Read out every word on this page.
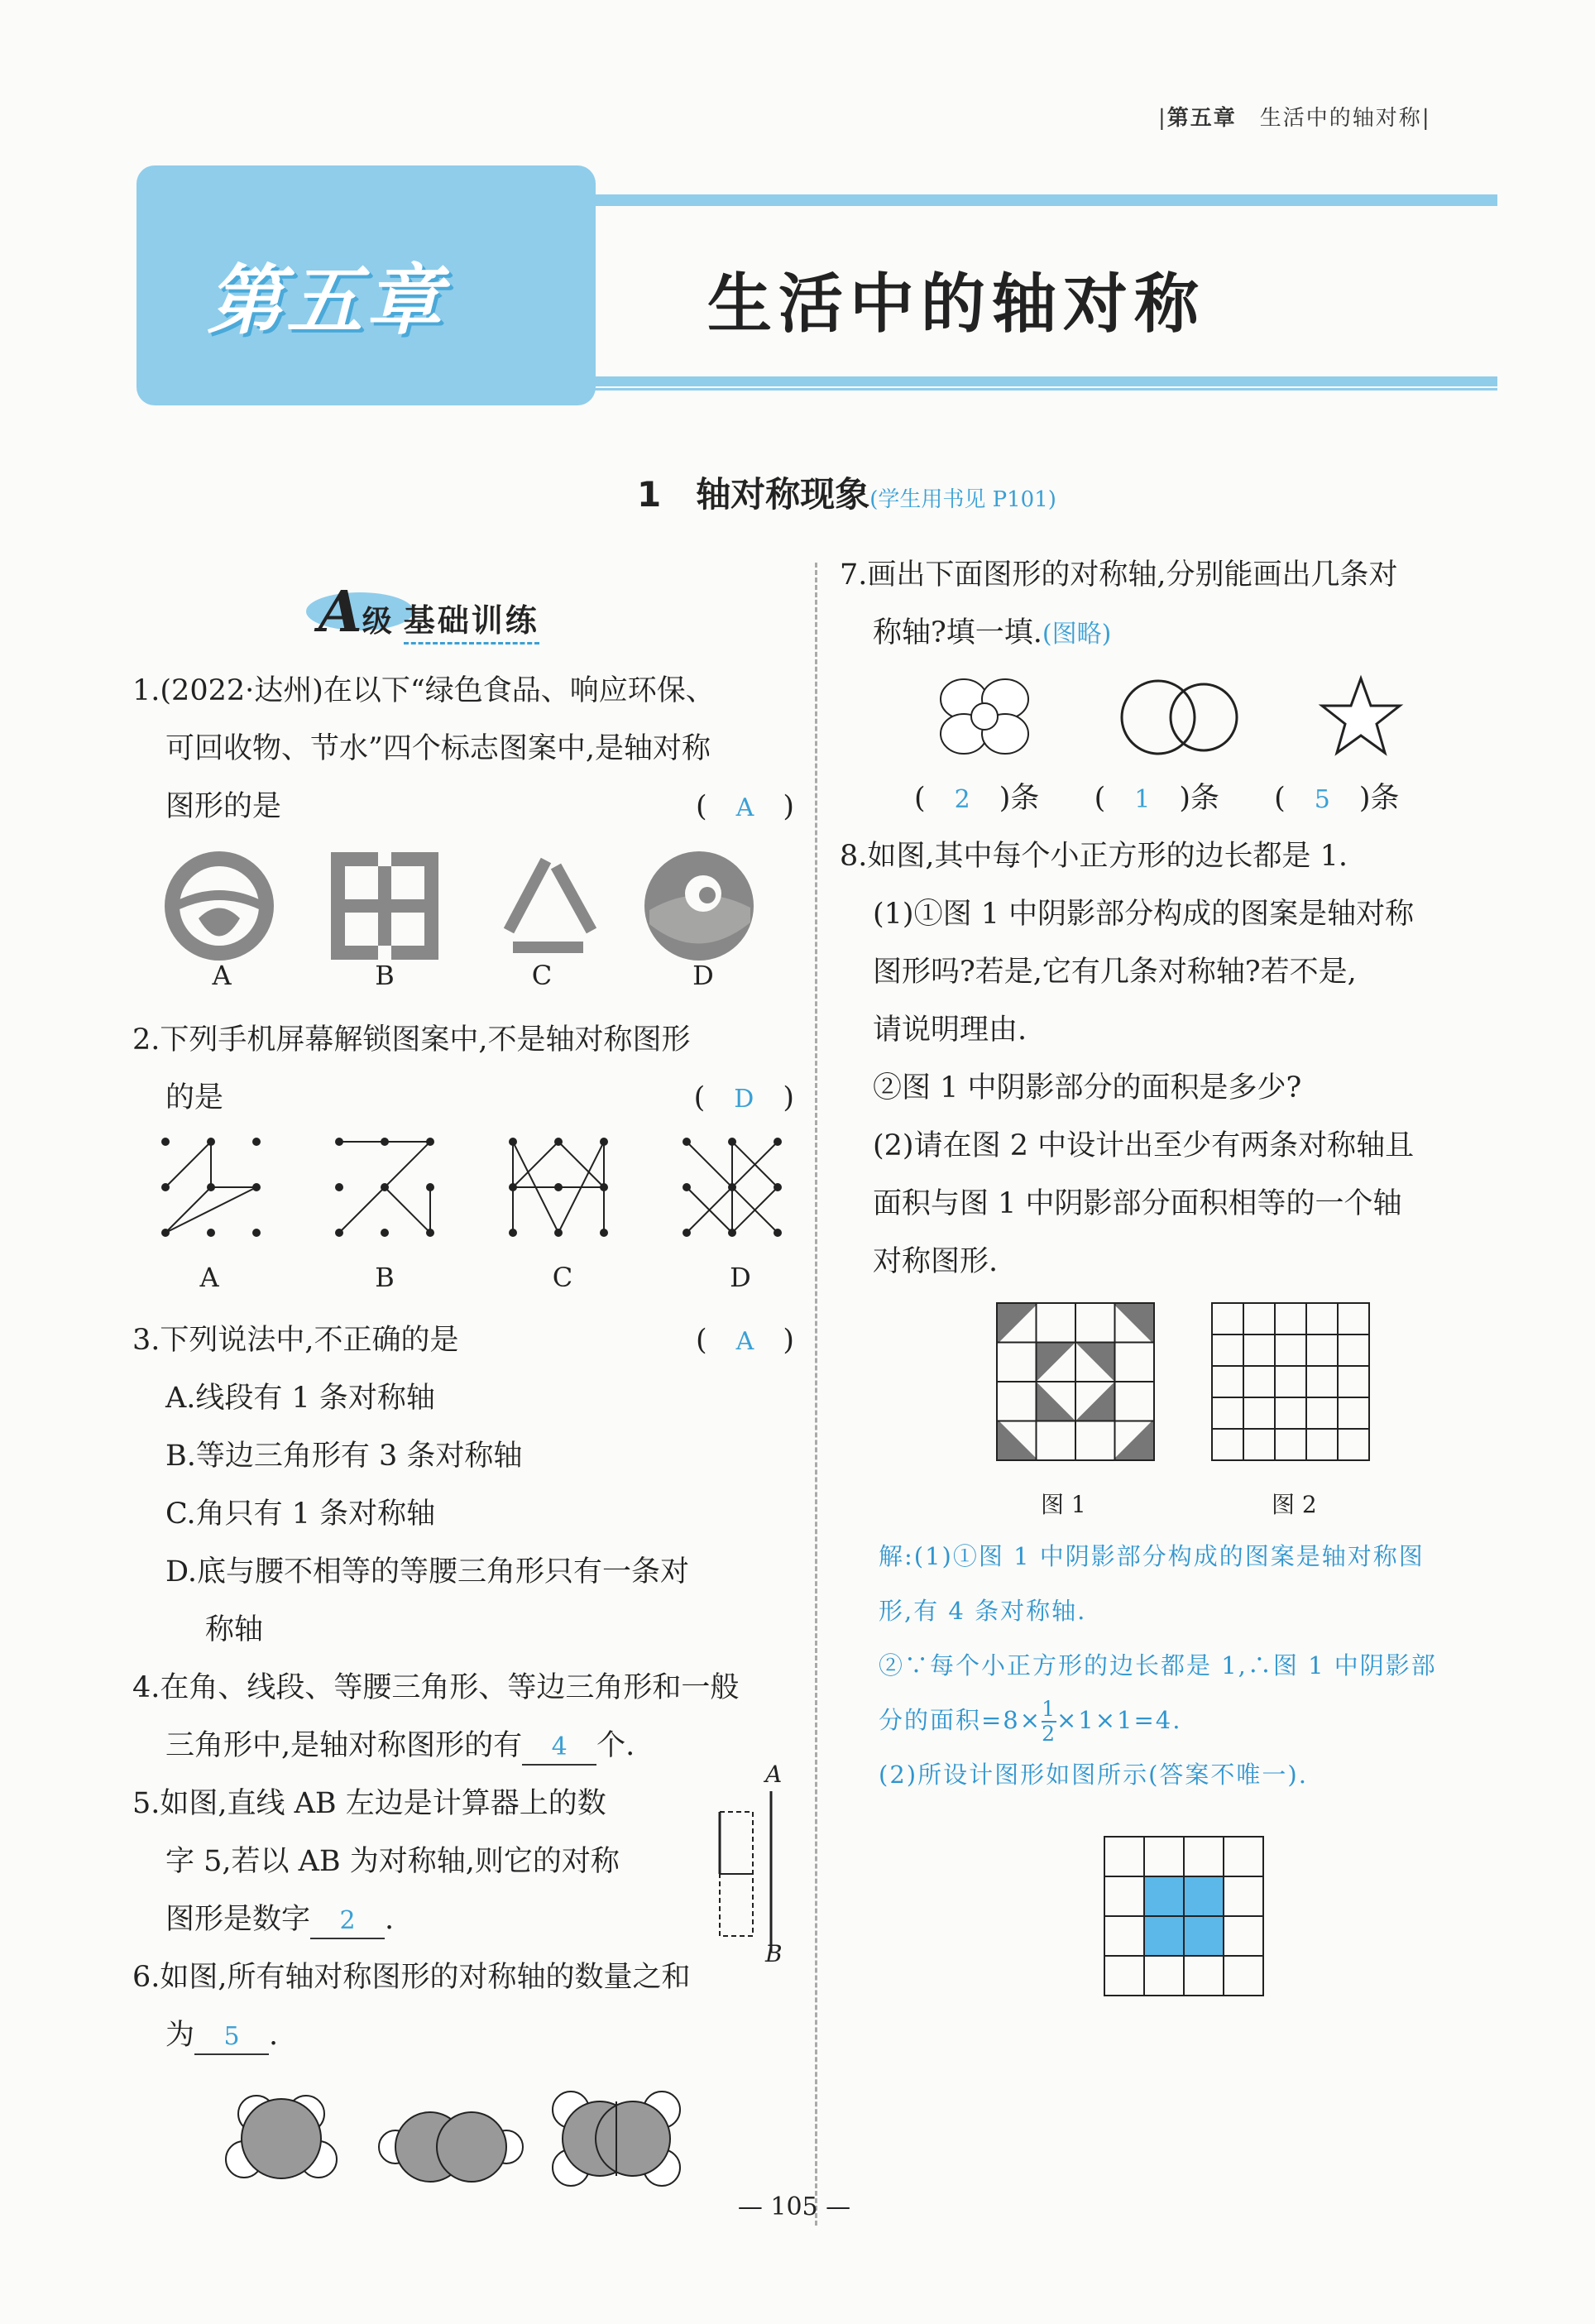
|第五章　 生活中的轴对称|
第五章	生活中的轴对称
1　轴对称现象(学生用书见 P101)
A级 基础训练
1.(2022·达州)在以下“绿色食品、响应环保、
可回收物、节水”四个标志图案中,是轴对称
图形的是	(　A　)
A	B	C	D
2.下列手机屏幕解锁图案中,不是轴对称图形
的是	(　D　)
A	B	C	D
3.下列说法中,不正确的是	(　A　)
A.线段有 1 条对称轴
B.等边三角形有 3 条对称轴
C.角只有 1 条对称轴
D.底与腰不相等的等腰三角形只有一条对
称轴
4.在角、线段、等腰三角形、等边三角形和一般
三角形中,是轴对称图形的有 4 个.
5.如图,直线 AB 左边是计算器上的数
字 5,若以 AB 为对称轴,则它的对称
图形是数字 2 .
A
B
6.如图,所有轴对称图形的对称轴的数量之和
为 5 .
7.画出下面图形的对称轴,分别能画出几条对
称轴?填一填.(图略)
(　2　)条 (　1　)条 (　5　)条
8.如图,其中每个小正方形的边长都是 1.
(1)①图 1 中阴影部分构成的图案是轴对称
图形吗?若是,它有几条对称轴?若不是,
请说明理由.
②图 1 中阴影部分的面积是多少?
(2)请在图 2 中设计出至少有两条对称轴且
面积与图 1 中阴影部分面积相等的一个轴
对称图形.
图 1	图 2
解:(1)①图 1 中阴影部分构成的图案是轴对称图
形,有 4 条对称轴.
②∵每个小正方形的边长都是 1,∴图 1 中阴影部
分的面积$=8\times \frac{1}{2} \times 1\times 1=4$.
(2)所设计图形如图所示(答案不唯一).
— 105 —
